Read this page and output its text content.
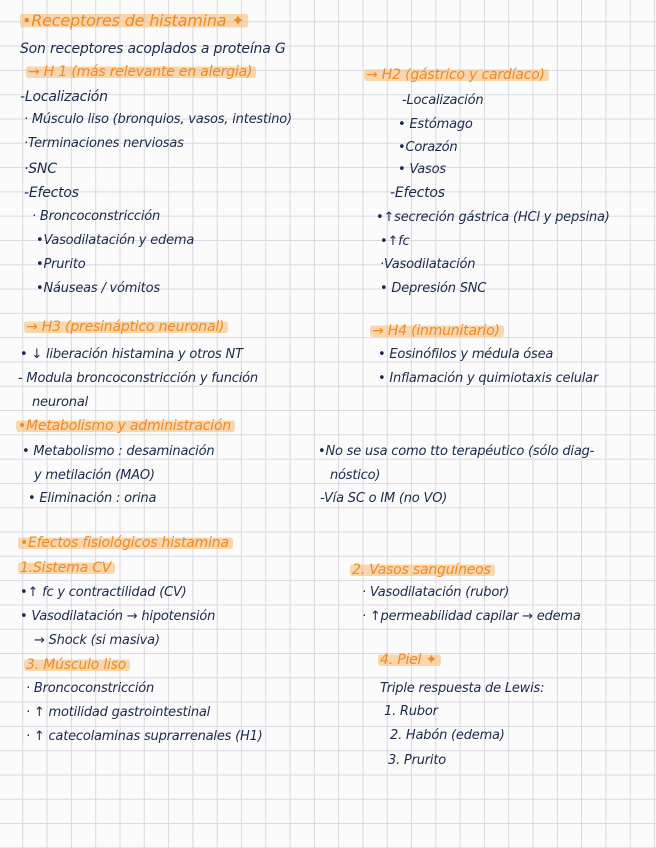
•Receptores de histamina ✦
Son receptores acoplados a proteína G
→ H 1 (más relevante en alergia)
-Localización
· Músculo liso (bronquios, vasos, intestino)
·Terminaciones nerviosas
·SNC
-Efectos
· Broncoconstricción
•Vasodilatación y edema
•Prurito
•Náuseas / vómitos
→ H2 (gástrico y cardíaco)
-Localización
• Estómago
•Corazón
• Vasos
-Efectos
•↑secreción gástrica (HCl y pepsina)
•↑fc
·Vasodilatación
• Depresión SNC
→ H3 (presináptico neuronal)
• ↓ liberación histamina y otros NT
- Modula broncoconstricción y función
neuronal
→ H4 (inmunitario)
• Eosinófilos y médula ósea
• Inflamación y quimiotaxis celular
•Metabolismo y administración
• Metabolismo : desaminación
y metilación (MAO)
• Eliminación : orina
•No se usa como tto terapéutico (sólo diag-
nóstico)
-Vía SC o IM (no VO)
•Efectos fisiológicos histamina
1.Sistema CV
•↑ fc y contractilidad (CV)
• Vasodilatación → hipotensión
→ Shock (si masiva)
2. Vasos sanguíneos
· Vasodilatación (rubor)
· ↑permeabilidad capilar → edema
3. Músculo liso
· Broncoconstricción
· ↑ motilidad gastrointestinal
· ↑ catecolaminas suprarrenales (H1)
4. Piel ✦
Triple respuesta de Lewis:
1. Rubor
2. Habón (edema)
3. Prurito
